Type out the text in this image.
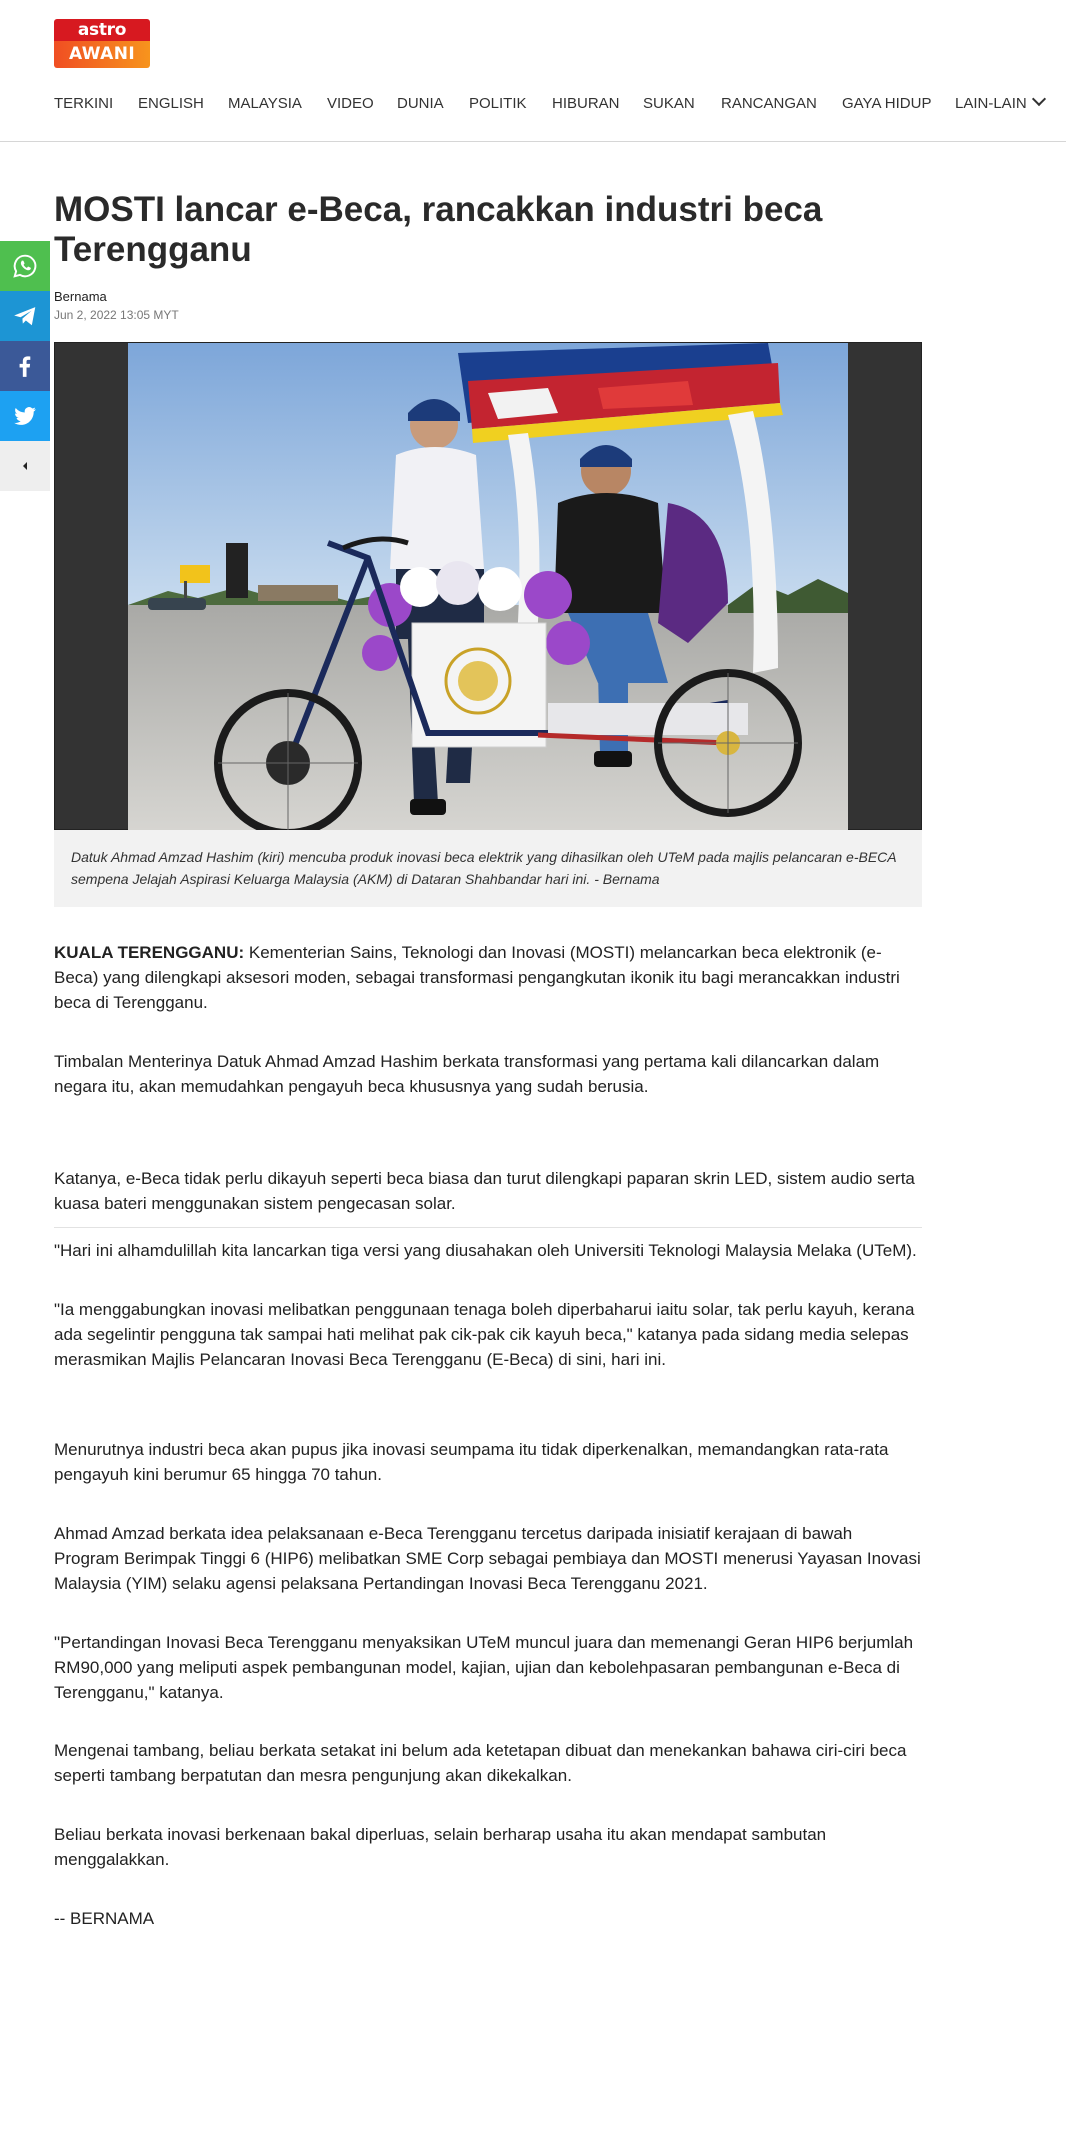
astro
AWANI
TERKINI ENGLISH MALAYSIA VIDEO DUNIA POLITIK HIBURAN SUKAN RANCANGAN GAYA HIDUP LAIN-LAIN
MOSTI lancar e-Beca, rancakkan industri beca Terengganu
Bernama
Jun 2, 2022 13:05 MYT

Datuk Ahmad Amzad Hashim (kiri) mencuba produk inovasi beca elektrik yang dihasilkan oleh UTeM pada majlis pelancaran e-BECA sempena Jelajah Aspirasi Keluarga Malaysia (AKM) di Dataran Shahbandar hari ini. - Bernama

KUALA TERENGGANU: Kementerian Sains, Teknologi dan Inovasi (MOSTI) melancarkan beca elektronik (e-Beca) yang dilengkapi aksesori moden, sebagai transformasi pengangkutan ikonik itu bagi merancakkan industri beca di Terengganu.

Timbalan Menterinya Datuk Ahmad Amzad Hashim berkata transformasi yang pertama kali dilancarkan dalam negara itu, akan memudahkan pengayuh beca khususnya yang sudah berusia.

Katanya, e-Beca tidak perlu dikayuh seperti beca biasa dan turut dilengkapi paparan skrin LED, sistem audio serta kuasa bateri menggunakan sistem pengecasan solar.

"Hari ini alhamdulillah kita lancarkan tiga versi yang diusahakan oleh Universiti Teknologi Malaysia Melaka (UTeM).

"Ia menggabungkan inovasi melibatkan penggunaan tenaga boleh diperbaharui iaitu solar, tak perlu kayuh, kerana ada segelintir pengguna tak sampai hati melihat pak cik-pak cik kayuh beca," katanya pada sidang media selepas merasmikan Majlis Pelancaran Inovasi Beca Terengganu (E-Beca) di sini, hari ini.

Menurutnya industri beca akan pupus jika inovasi seumpama itu tidak diperkenalkan, memandangkan rata-rata pengayuh kini berumur 65 hingga 70 tahun.

Ahmad Amzad berkata idea pelaksanaan e-Beca Terengganu tercetus daripada inisiatif kerajaan di bawah Program Berimpak Tinggi 6 (HIP6) melibatkan SME Corp sebagai pembiaya dan MOSTI menerusi Yayasan Inovasi Malaysia (YIM) selaku agensi pelaksana Pertandingan Inovasi Beca Terengganu 2021.

"Pertandingan Inovasi Beca Terengganu menyaksikan UTeM muncul juara dan memenangi Geran HIP6 berjumlah RM90,000 yang meliputi aspek pembangunan model, kajian, ujian dan kebolehpasaran pembangunan e-Beca di Terengganu," katanya.

Mengenai tambang, beliau berkata setakat ini belum ada ketetapan dibuat dan menekankan bahawa ciri-ciri beca seperti tambang berpatutan dan mesra pengunjung akan dikekalkan.

Beliau berkata inovasi berkenaan bakal diperluas, selain berharap usaha itu akan mendapat sambutan menggalakkan.

-- BERNAMA
